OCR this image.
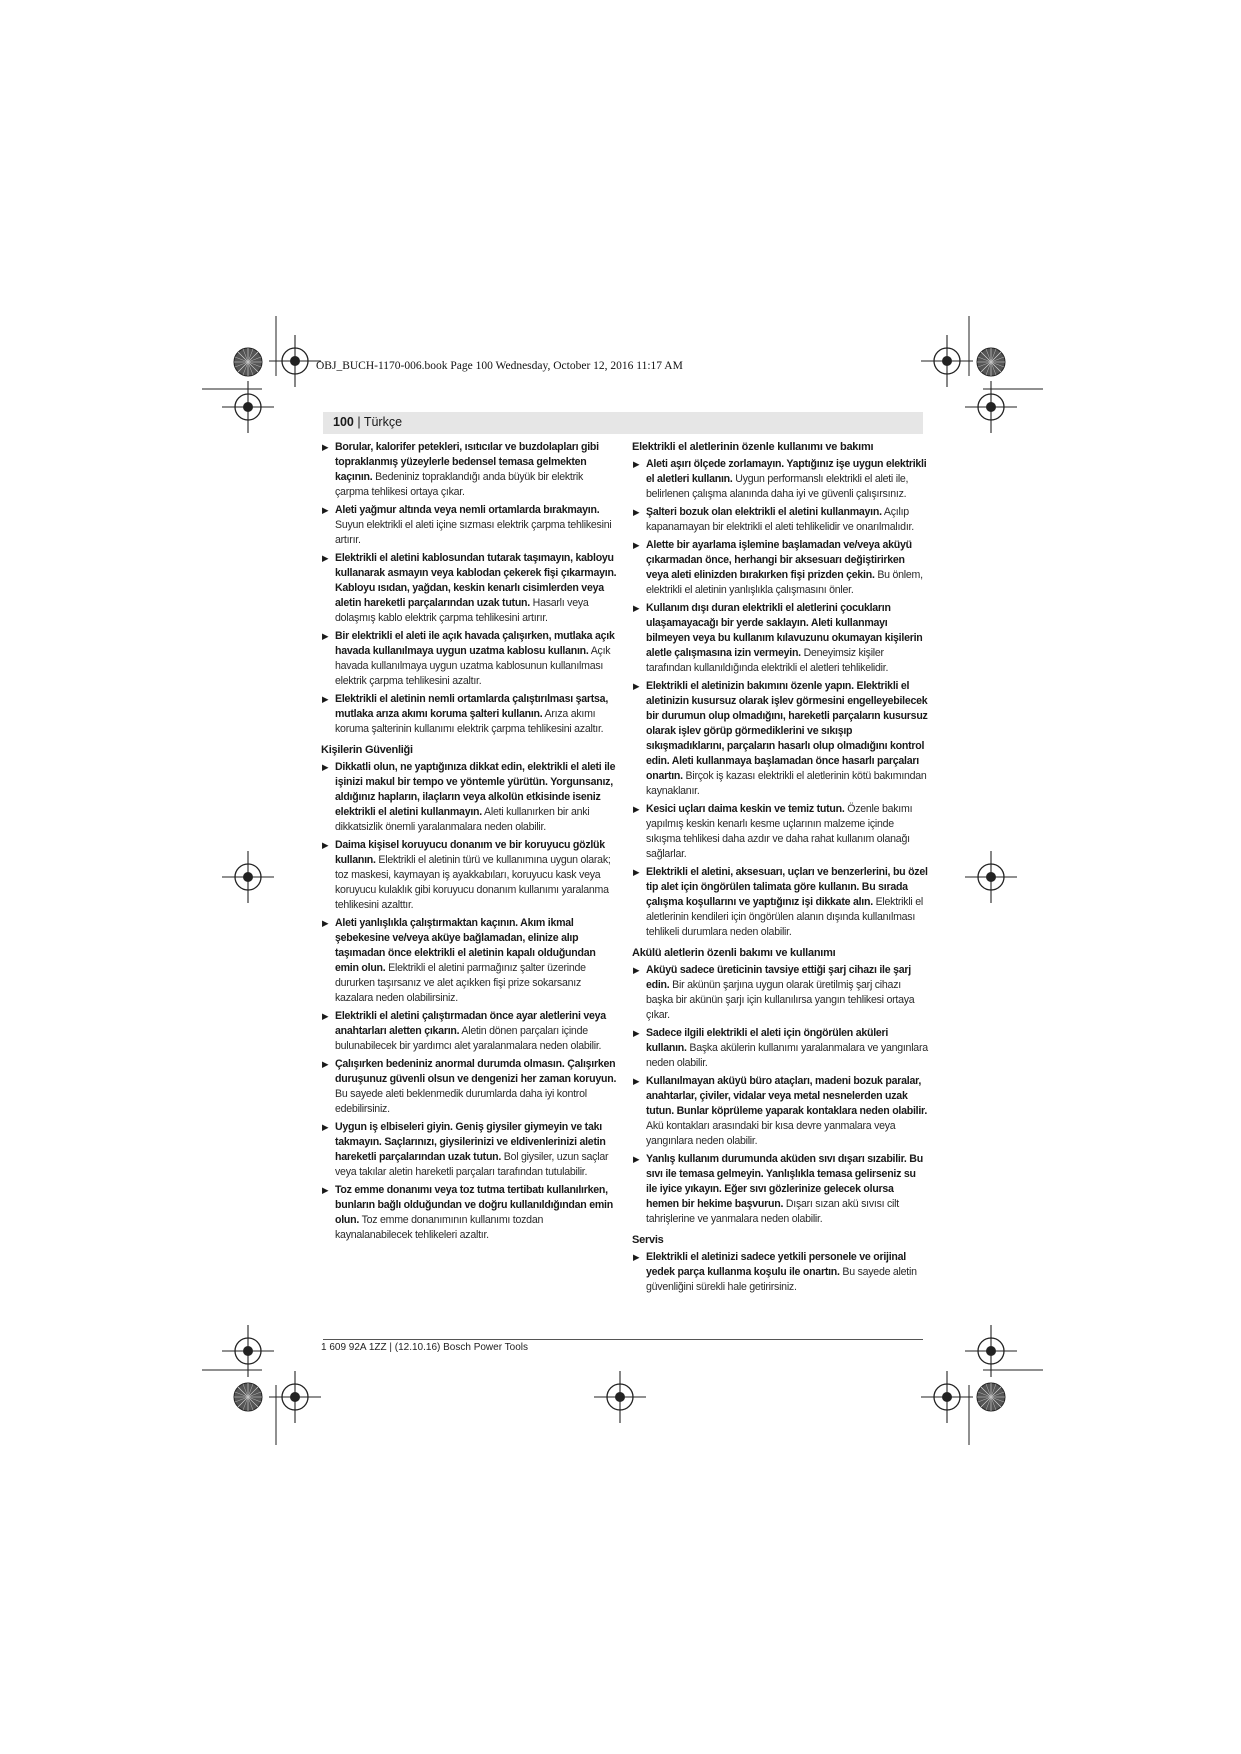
OBJ_BUCH-1170-006.book Page 100 Wednesday, October 12, 2016 11:17 AM
100 | Türkçe
▶ Borular, kalorifer petekleri, ısıtıcılar ve buzdolapları gibi topraklanmış yüzeylerle bedensel temasa gelmekten kaçının. Bedeniniz topraklandığı anda büyük bir elektrik çarpma tehlikesi ortaya çıkar.
▶ Aleti yağmur altında veya nemli ortamlarda bırakmayın. Suyun elektrikli el aleti içine sızması elektrik çarpma tehlikesini artırır.
▶ Elektrikli el aletini kablosundan tutarak taşımayın, kabloyu kullanarak asmayın veya kablodan çekerek fişi çıkarmayın. Kabloyu ısıdan, yağdan, keskin kenarlı cisimlerden veya aletin hareketli parçalarından uzak tutun. Hasarlı veya dolaşmış kablo elektrik çarpma tehlikesini artırır.
▶ Bir elektrikli el aleti ile açık havada çalışırken, mutlaka açık havada kullanılmaya uygun uzatma kablosu kullanın. Açık havada kullanılmaya uygun uzatma kablosunun kullanılması elektrik çarpma tehlikesini azaltır.
▶ Elektrikli el aletinin nemli ortamlarda çalıştırılması şartsa, mutlaka arıza akımı koruma şalteri kullanın. Arıza akımı koruma şalterinin kullanımı elektrik çarpma tehlikesini azaltır.
Kişilerin Güvenliği
▶ Dikkatli olun, ne yaptığınıza dikkat edin, elektrikli el aleti ile işinizi makul bir tempo ve yöntemle yürütün. Yorgunsanız, aldığınız hapların, ilaçların veya alkolün etkisinde iseniz elektrikli el aletini kullanmayın. Aleti kullanırken bir anki dikkatsizlik önemli yaralanmalara neden olabilir.
▶ Daima kişisel koruyucu donanım ve bir koruyucu gözlük kullanın. Elektrikli el aletinin türü ve kullanımına uygun olarak; toz maskesi, kaymayan iş ayakkabıları, koruyucu kask veya koruyucu kulaklık gibi koruyucu donanım kullanımı yaralanma tehlikesini azalttır.
▶ Aleti yanlışlıkla çalıştırmaktan kaçının. Akım ikmal şebekesine ve/veya aküye bağlamadan, elinize alıp taşımadan önce elektrikli el aletinin kapalı olduğundan emin olun. Elektrikli el aletini parmağınız şalter üzerinde dururken taşırsanız ve alet açıkken fişi prize sokarsanız kazalara neden olabilirsiniz.
▶ Elektrikli el aletini çalıştırmadan önce ayar aletlerini veya anahtarları aletten çıkarın. Aletin dönen parçaları içinde bulunabilecek bir yardımcı alet yaralanmalara neden olabilir.
▶ Çalışırken bedeniniz anormal durumda olmasın. Çalışırken duruşunuz güvenli olsun ve dengenizi her zaman koruyun. Bu sayede aleti beklenmedik durumlarda daha iyi kontrol edebilirsiniz.
▶ Uygun iş elbiseleri giyin. Geniş giysiler giymeyin ve takı takmayın. Saçlarınızı, giysilerinizi ve eldivenlerinizi aletin hareketli parçalarından uzak tutun. Bol giysiler, uzun saçlar veya takılar aletin hareketli parçaları tarafından tutulabilir.
▶ Toz emme donanımı veya toz tutma tertibatı kullanılırken, bunların bağlı olduğundan ve doğru kullanıldığından emin olun. Toz emme donanımının kullanımı tozdan kaynalanabilecek tehlikeleri azaltır.
Elektrikli el aletlerinin özenle kullanımı ve bakımı
▶ Aleti aşırı ölçede zorlamayın. Yaptığınız işe uygun elektrikli el aletleri kullanın. Uygun performanslı elektrikli el aleti ile, belirlenen çalışma alanında daha iyi ve güvenli çalışırsınız.
▶ Şalteri bozuk olan elektrikli el aletini kullanmayın. Açılıp kapanamayan bir elektrikli el aleti tehlikelidir ve onarılmalıdır.
▶ Alette bir ayarlama işlemine başlamadan ve/veya aküyü çıkarmadan önce, herhangi bir aksesuarı değiştirirken veya aleti elinizden bırakırken fişi prizden çekin. Bu önlem, elektrikli el aletinin yanlışlıkla çalışmasını önler.
▶ Kullanım dışı duran elektrikli el aletlerini çocukların ulaşamayacağı bir yerde saklayın. Aleti kullanmayı bilmeyen veya bu kullanım kılavuzunu okumayan kişilerin aletle çalışmasına izin vermeyin. Deneyimsiz kişiler tarafından kullanıldığında elektrikli el aletleri tehlikelidir.
▶ Elektrikli el aletinizin bakımını özenle yapın. Elektrikli el aletinizin kusursuz olarak işlev görmesini engelleyebilecek bir durumun olup olmadığını, hareketli parçaların kusursuz olarak işlev görüp görmediklerini ve sıkışıp sıkışmadıklarını, parçaların hasarlı olup olmadığını kontrol edin. Aleti kullanmaya başlamadan önce hasarlı parçaları onartın. Birçok iş kazası elektrikli el aletlerinin kötü bakımından kaynaklanır.
▶ Kesici uçları daima keskin ve temiz tutun. Özenle bakımı yapılmış keskin kenarlı kesme uçlarının malzeme içinde sıkışma tehlikesi daha azdır ve daha rahat kullanım olanağı sağlarlar.
▶ Elektrikli el aletini, aksesuarı, uçları ve benzerlerini, bu özel tip alet için öngörülen talimata göre kullanın. Bu sırada çalışma koşullarını ve yaptığınız işi dikkate alın. Elektrikli el aletlerinin kendileri için öngörülen alanın dışında kullanılması tehlikeli durumlara neden olabilir.
Akülü aletlerin özenli bakımı ve kullanımı
▶ Aküyü sadece üreticinin tavsiye ettiği şarj cihazı ile şarj edin. Bir akünün şarjına uygun olarak üretilmiş şarj cihazı başka bir akünün şarjı için kullanılırsa yangın tehlikesi ortaya çıkar.
▶ Sadece ilgili elektrikli el aleti için öngörülen aküleri kullanın. Başka akülerin kullanımı yaralanmalara ve yangınlara neden olabilir.
▶ Kullanılmayan aküyü büro ataçları, madeni bozuk paralar, anahtarlar, çiviler, vidalar veya metal nesnelerden uzak tutun. Bunlar köprüleme yaparak kontaklara neden olabilir. Akü kontakları arasındaki bir kısa devre yanmalara veya yangınlara neden olabilir.
▶ Yanlış kullanım durumunda aküden sıvı dışarı sızabilir. Bu sıvı ile temasa gelmeyin. Yanlışlıkla temasa gelirseniz su ile iyice yıkayın. Eğer sıvı gözlerinize gelecek olursa hemen bir hekime başvurun. Dışarı sızan akü sıvısı cilt tahrişlerine ve yanmalara neden olabilir.
Servis
▶ Elektrikli el aletinizi sadece yetkili personele ve orijinal yedek parça kullanma koşulu ile onartın. Bu sayede aletin güvenliğini sürekli hale getirirsiniz.
1 609 92A 1ZZ | (12.10.16) Bosch Power Tools
